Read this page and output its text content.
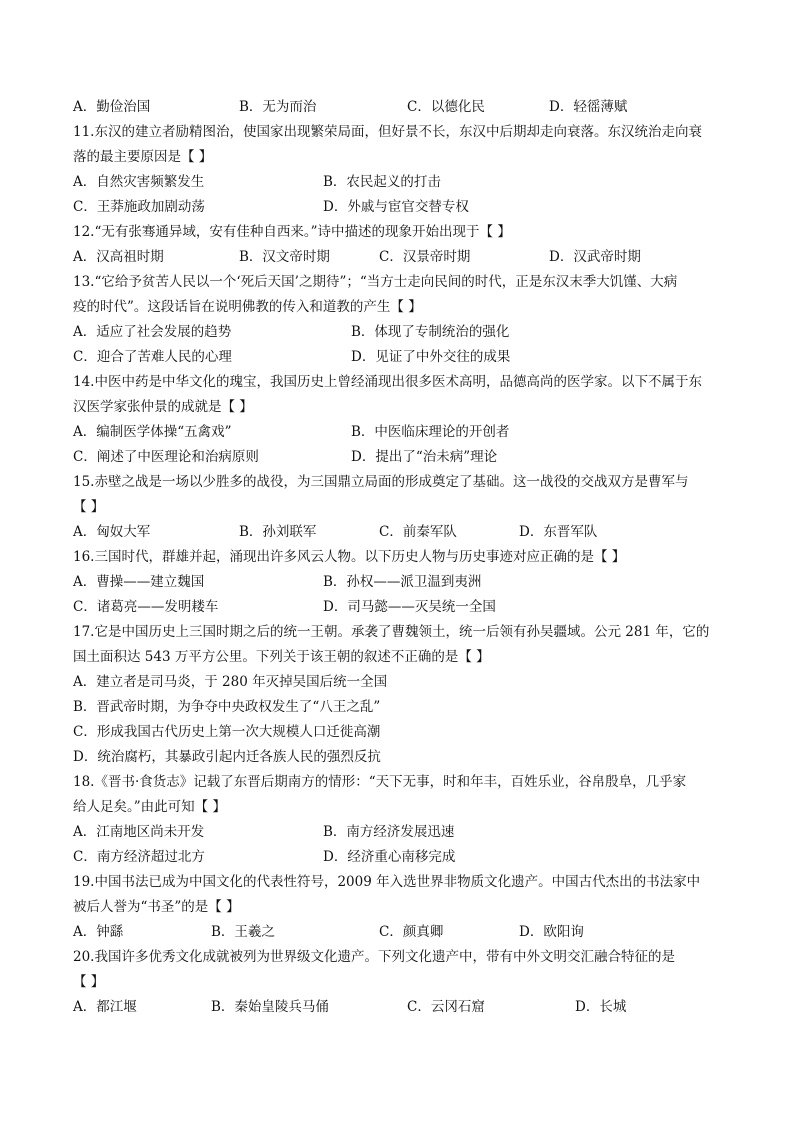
A．勤俭治国	B．无为而治	C．以德化民	D．轻徭薄赋
11.东汉的建立者励精图治，使国家出现繁荣局面，但好景不长，东汉中后期却走向衰落。东汉统治走向衰
落的最主要原因是【 】
A．自然灾害频繁发生	B．农民起义的打击
C．王莽施政加剧动荡	D．外戚与宦官交替专权
12.“无有张骞通异域，安有佳种自西来。”诗中描述的现象开始出现于【 】
A．汉高祖时期	B．汉文帝时期	C．汉景帝时期	D．汉武帝时期
13.“它给予贫苦人民以一个‘死后天国’之期待”；“当方士走向民间的时代，正是东汉末季大饥馑、大病
疫的时代”。这段话旨在说明佛教的传入和道教的产生【 】
A．适应了社会发展的趋势	B．体现了专制统治的强化
C．迎合了苦难人民的心理	D．见证了中外交往的成果
14.中医中药是中华文化的瑰宝，我国历史上曾经涌现出很多医术高明，品德高尚的医学家。以下不属于东
汉医学家张仲景的成就是【 】
A．编制医学体操“五禽戏”	B．中医临床理论的开创者
C．阐述了中医理论和治病原则	D．提出了“治未病”理论
15.赤壁之战是一场以少胜多的战役，为三国鼎立局面的形成奠定了基础。这一战役的交战双方是曹军与
【 】
A．匈奴大军	B．孙刘联军	C．前秦军队	D．东晋军队
16.三国时代，群雄并起，涌现出许多风云人物。以下历史人物与历史事迹对应正确的是【 】
A．曹操——建立魏国	B．孙权——派卫温到夷洲
C．诸葛亮——发明耧车	D．司马懿——灭吴统一全国
17.它是中国历史上三国时期之后的统一王朝。承袭了曹魏领土，统一后领有孙吴疆域。公元 281 年，它的
国土面积达 543 万平方公里。下列关于该王朝的叙述不正确的是【 】
A．建立者是司马炎，于 280 年灭掉吴国后统一全国
B．晋武帝时期，为争夺中央政权发生了“八王之乱”
C．形成我国古代历史上第一次大规模人口迁徙高潮
D．统治腐朽，其暴政引起内迁各族人民的强烈反抗
18.《晋书·食货志》记载了东晋后期南方的情形：“天下无事，时和年丰，百姓乐业，谷帛殷阜，几乎家
给人足矣。”由此可知【 】
A．江南地区尚未开发	B．南方经济发展迅速
C．南方经济超过北方	D．经济重心南移完成
19.中国书法已成为中国文化的代表性符号，2009 年入选世界非物质文化遗产。中国古代杰出的书法家中
被后人誉为“书圣”的是【 】
A．钟繇	B．王羲之	C．颜真卿	D．欧阳询
20.我国许多优秀文化成就被列为世界级文化遗产。下列文化遗产中，带有中外文明交汇融合特征的是
【 】
A．都江堰	B．秦始皇陵兵马俑	C．云冈石窟	D．长城
